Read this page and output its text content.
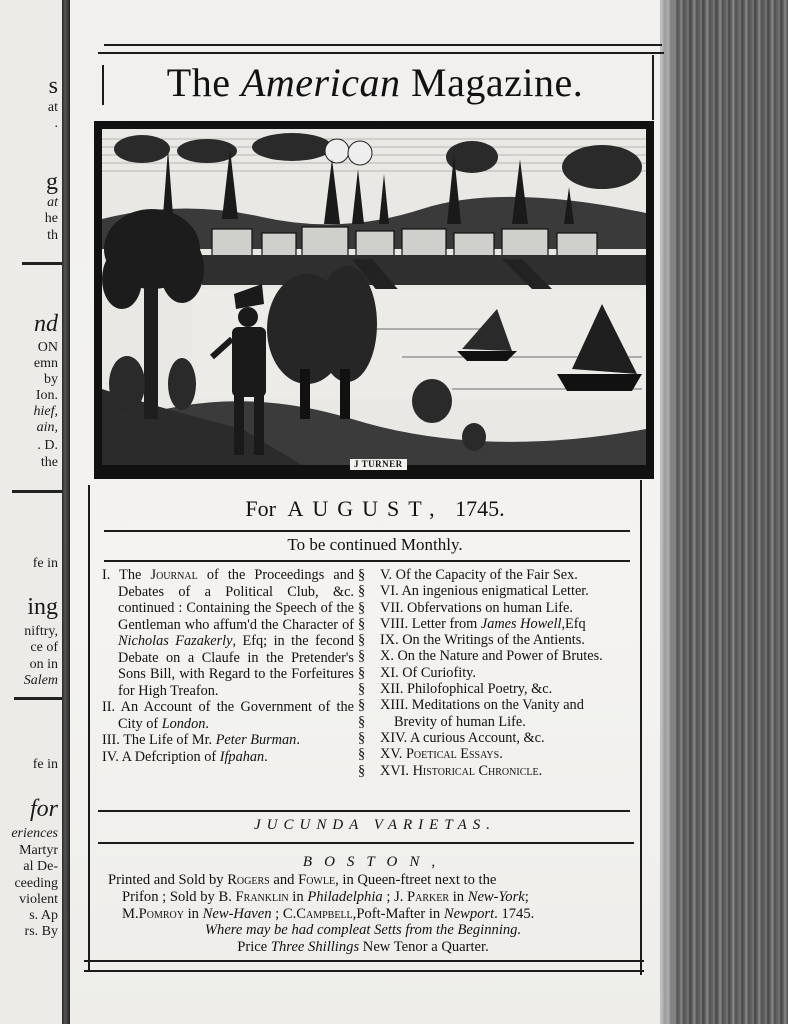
s
at
.
g
at
he
th
nd
ON
emn
by
Ion.
hief,
ain,
. D.
the
fe in
ing
niftry,
ce of
on in
Salem
fe in
for
eriences
Martyr
al De-
ceeding
violent
s. Ap
rs. By
The American Magazine.
J TURNER
For AUGUST, 1745.
To be continued Monthly.
I. The Journal of the Proceedings and Debates of a Political Club, &c. continued : Containing the Speech of the Gentleman who affum'd the Character of Nicholas Fazakerly, Efq; in the fecond Debate on a Claufe in the Pretender's Sons Bill, with Regard to the Forfeitures for High Treafon.
II. An Account of the Government of the City of London.
III. The Life of Mr. Peter Burman.
IV. A Defcription of Ifpahan.
§ V. Of the Capacity of the Fair Sex.
§ VI. An ingenious enigmatical Letter.
§ VII. Obfervations on human Life.
§ VIII. Letter from James Howell,Efq
§ IX. On the Writings of the Antients.
§ X. On the Nature and Power of Brutes.
§ XI. Of Curiofity.
§ XII. Philofophical Poetry, &c.
§ XIII. Meditations on the Vanity and
§	Brevity of human Life.
§ XIV. A curious Account, &c.
§ XV. Poetical Essays.
§ XVI. Historical Chronicle.
JUCUNDA VARIETAS.
BOSTON,
Printed and Sold by Rogers and Fowle, in Queen-ftreet next to the
Prifon ; Sold by B. Franklin in Philadelphia ; J. Parker in New-York;
M.Pomroy in New-Haven ; C.Campbell,Poft-Mafter in Newport. 1745.
Where may be had compleat Setts from the Beginning.
Price Three Shillings New Tenor a Quarter.
